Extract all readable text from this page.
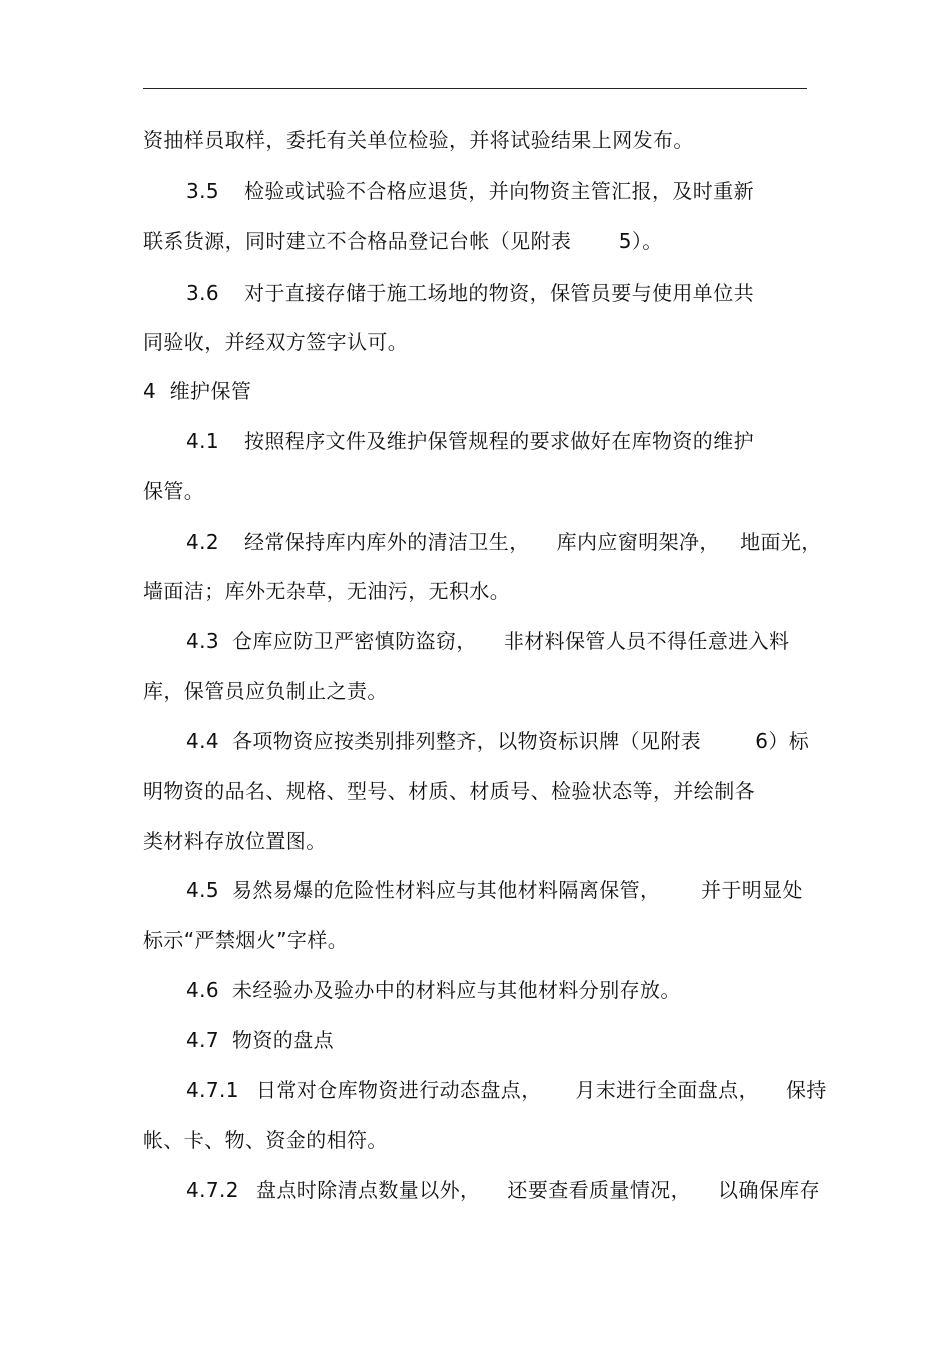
资抽样员取样，委托有关单位检验，并将试验结果上网发布。
3.5 检验或试验不合格应退货，并向物资主管汇报，及时重新
联系货源，同时建立不合格品登记台帐（见附表       5）。
3.6 对于直接存储于施工场地的物资，保管员要与使用单位共
同验收，并经双方签字认可。
4  维护保管
4.1 按照程序文件及维护保管规程的要求做好在库物资的维护
保管。
4.2 经常保持库内库外的清洁卫生，    库内应窗明架净，   地面光，
墙面洁；库外无杂草，无油污，无积水。
4.3 仓库应防卫严密慎防盗窃，    非材料保管人员不得任意进入料
库，保管员应负制止之责。
4.4 各项物资应按类别排列整齐，以物资标识牌（见附表        6）标
明物资的品名、规格、型号、材质、材质号、检验状态等，并绘制各
类材料存放位置图。
4.5 易然易爆的危险性材料应与其他材料隔离保管，      并于明显处
标示“严禁烟火”字样。
4.6 未经验办及验办中的材料应与其他材料分别存放。
4.7 物资的盘点
4.7.1 日常对仓库物资进行动态盘点，     月末进行全面盘点，    保持
帐、卡、物、资金的相符。
4.7.2 盘点时除清点数量以外，    还要查看质量情况，    以确保库存
